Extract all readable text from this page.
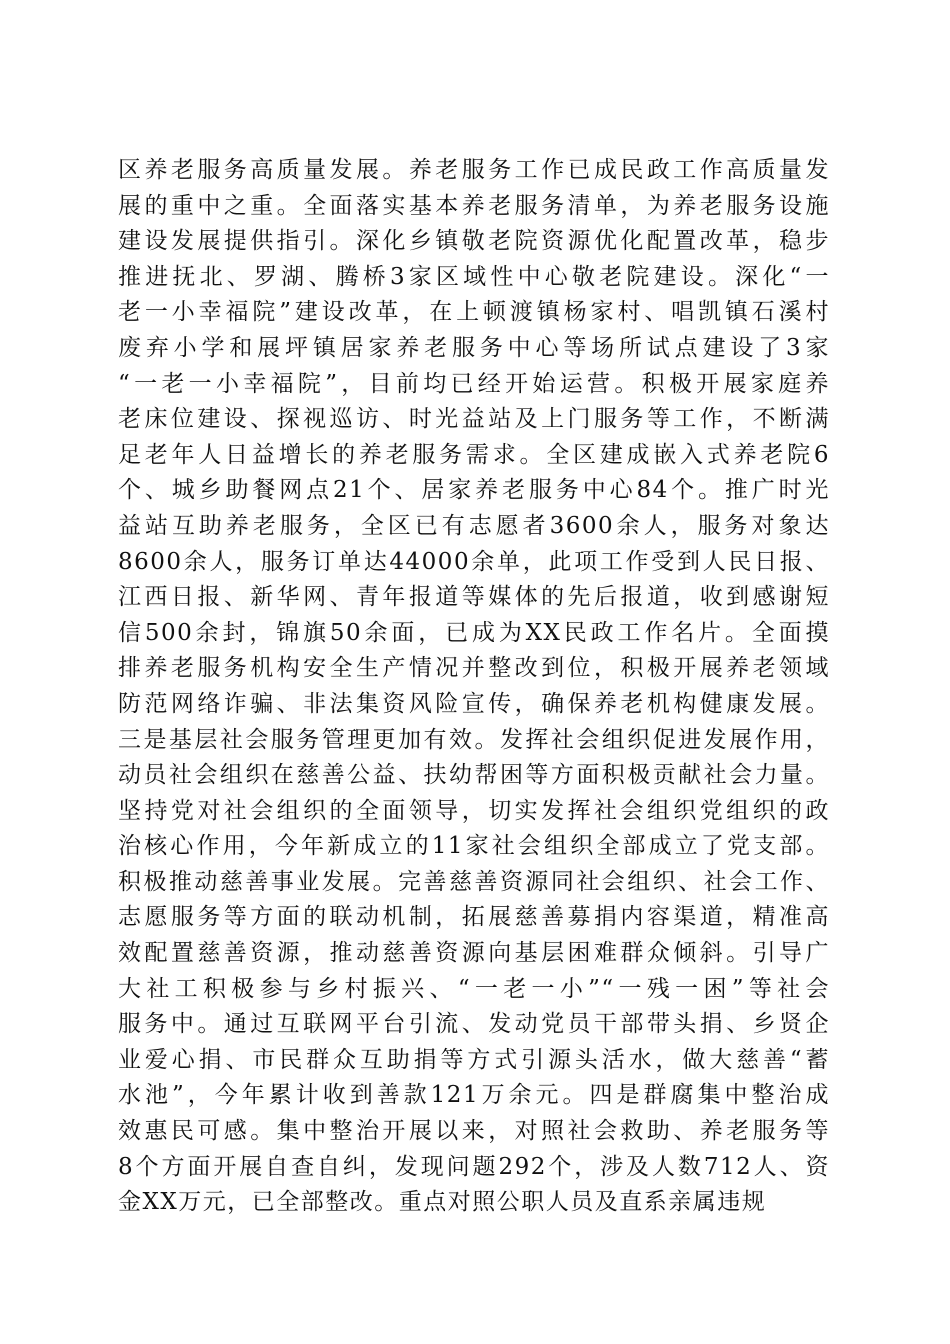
区养老服务高质量发展。养老服务工作已成民政工作高质量发
展的重中之重。全面落实基本养老服务清单，为养老服务设施
建设发展提供指引。深化乡镇敬老院资源优化配置改革，稳步
推进抚北、罗湖、腾桥3家区域性中心敬老院建设。深化“一
老一小幸福院”建设改革，在上顿渡镇杨家村、唱凯镇石溪村
废弃小学和展坪镇居家养老服务中心等场所试点建设了3家
“一老一小幸福院”，目前均已经开始运营。积极开展家庭养
老床位建设、探视巡访、时光益站及上门服务等工作，不断满
足老年人日益增长的养老服务需求。全区建成嵌入式养老院6
个、城乡助餐网点21个、居家养老服务中心84个。推广时光
益站互助养老服务，全区已有志愿者3600余人，服务对象达
8600余人，服务订单达44000余单，此项工作受到人民日报、
江西日报、新华网、青年报道等媒体的先后报道，收到感谢短
信500余封，锦旗50余面，已成为XX民政工作名片。全面摸
排养老服务机构安全生产情况并整改到位，积极开展养老领域
防范网络诈骗、非法集资风险宣传，确保养老机构健康发展。
三是基层社会服务管理更加有效。发挥社会组织促进发展作用，
动员社会组织在慈善公益、扶幼帮困等方面积极贡献社会力量。
坚持党对社会组织的全面领导，切实发挥社会组织党组织的政
治核心作用，今年新成立的11家社会组织全部成立了党支部。
积极推动慈善事业发展。完善慈善资源同社会组织、社会工作、
志愿服务等方面的联动机制，拓展慈善募捐内容渠道，精准高
效配置慈善资源，推动慈善资源向基层困难群众倾斜。引导广
大社工积极参与乡村振兴、“一老一小”“一残一困”等社会
服务中。通过互联网平台引流、发动党员干部带头捐、乡贤企
业爱心捐、市民群众互助捐等方式引源头活水，做大慈善“蓄
水池”，今年累计收到善款121万余元。四是群腐集中整治成
效惠民可感。集中整治开展以来，对照社会救助、养老服务等
8个方面开展自查自纠，发现问题292个，涉及人数712人、资
金XX万元，已全部整改。重点对照公职人员及直系亲属违规
